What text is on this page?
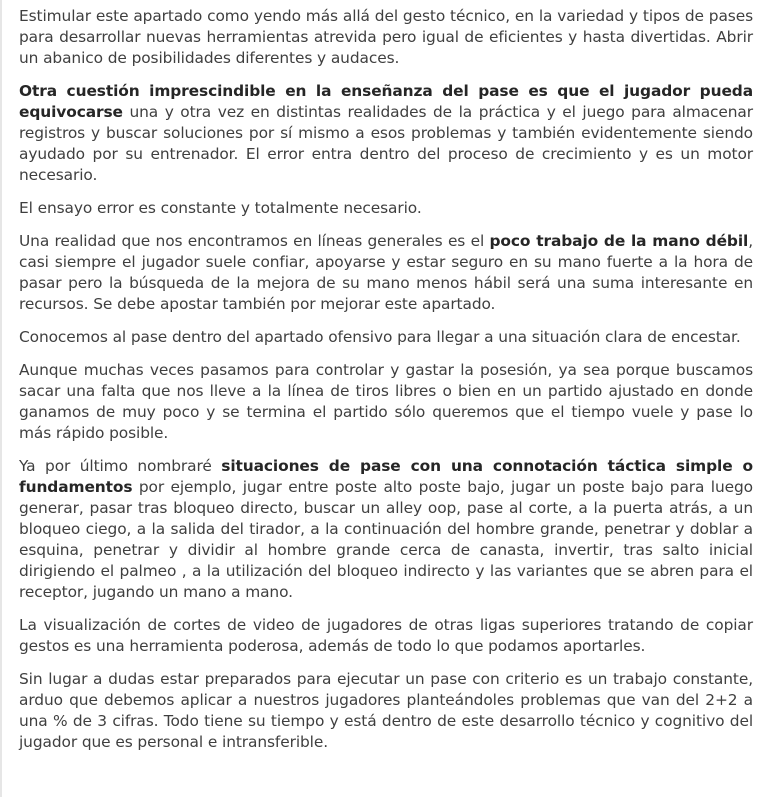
Estimular este apartado como yendo más allá del gesto técnico, en la variedad y tipos de pases para desarrollar nuevas herramientas atrevida pero igual de eficientes y hasta divertidas. Abrir un abanico de posibilidades diferentes y audaces.

Otra cuestión imprescindible en la enseñanza del pase es que el jugador pueda equivocarse una y otra vez en distintas realidades de la práctica y el juego para almacenar registros y buscar soluciones por sí mismo a esos problemas y también evidentemente siendo ayudado por su entrenador. El error entra dentro del proceso de crecimiento y es un motor necesario.

El ensayo error es constante y totalmente necesario.

Una realidad que nos encontramos en líneas generales es el poco trabajo de la mano débil, casi siempre el jugador suele confiar, apoyarse y estar seguro en su mano fuerte a la hora de pasar pero la búsqueda de la mejora de su mano menos hábil será una suma interesante en recursos. Se debe apostar también por mejorar este apartado.

Conocemos al pase dentro del apartado ofensivo para llegar a una situación clara de encestar.

Aunque muchas veces pasamos para controlar y gastar la posesión, ya sea porque buscamos sacar una falta que nos lleve a la línea de tiros libres o bien en un partido ajustado en donde ganamos de muy poco y se termina el partido sólo queremos que el tiempo vuele y pase lo más rápido posible.

Ya por último nombraré situaciones de pase con una connotación táctica simple o fundamentos por ejemplo, jugar entre poste alto poste bajo, jugar un poste bajo para luego generar, pasar tras bloqueo directo, buscar un alley oop, pase al corte, a la puerta atrás, a un bloqueo ciego, a la salida del tirador, a la continuación del hombre grande, penetrar y doblar a esquina, penetrar y dividir al hombre grande cerca de canasta, invertir, tras salto inicial dirigiendo el palmeo , a la utilización del bloqueo indirecto y las variantes que se abren para el receptor, jugando un mano a mano.

La visualización de cortes de video de jugadores de otras ligas superiores tratando de copiar gestos es una herramienta poderosa, además de todo lo que podamos aportarles.

Sin lugar a dudas estar preparados para ejecutar un pase con criterio es un trabajo constante, arduo que debemos aplicar a nuestros jugadores planteándoles problemas que van del 2+2 a una % de 3 cifras. Todo tiene su tiempo y está dentro de este desarrollo técnico y cognitivo del jugador que es personal e intransferible.
